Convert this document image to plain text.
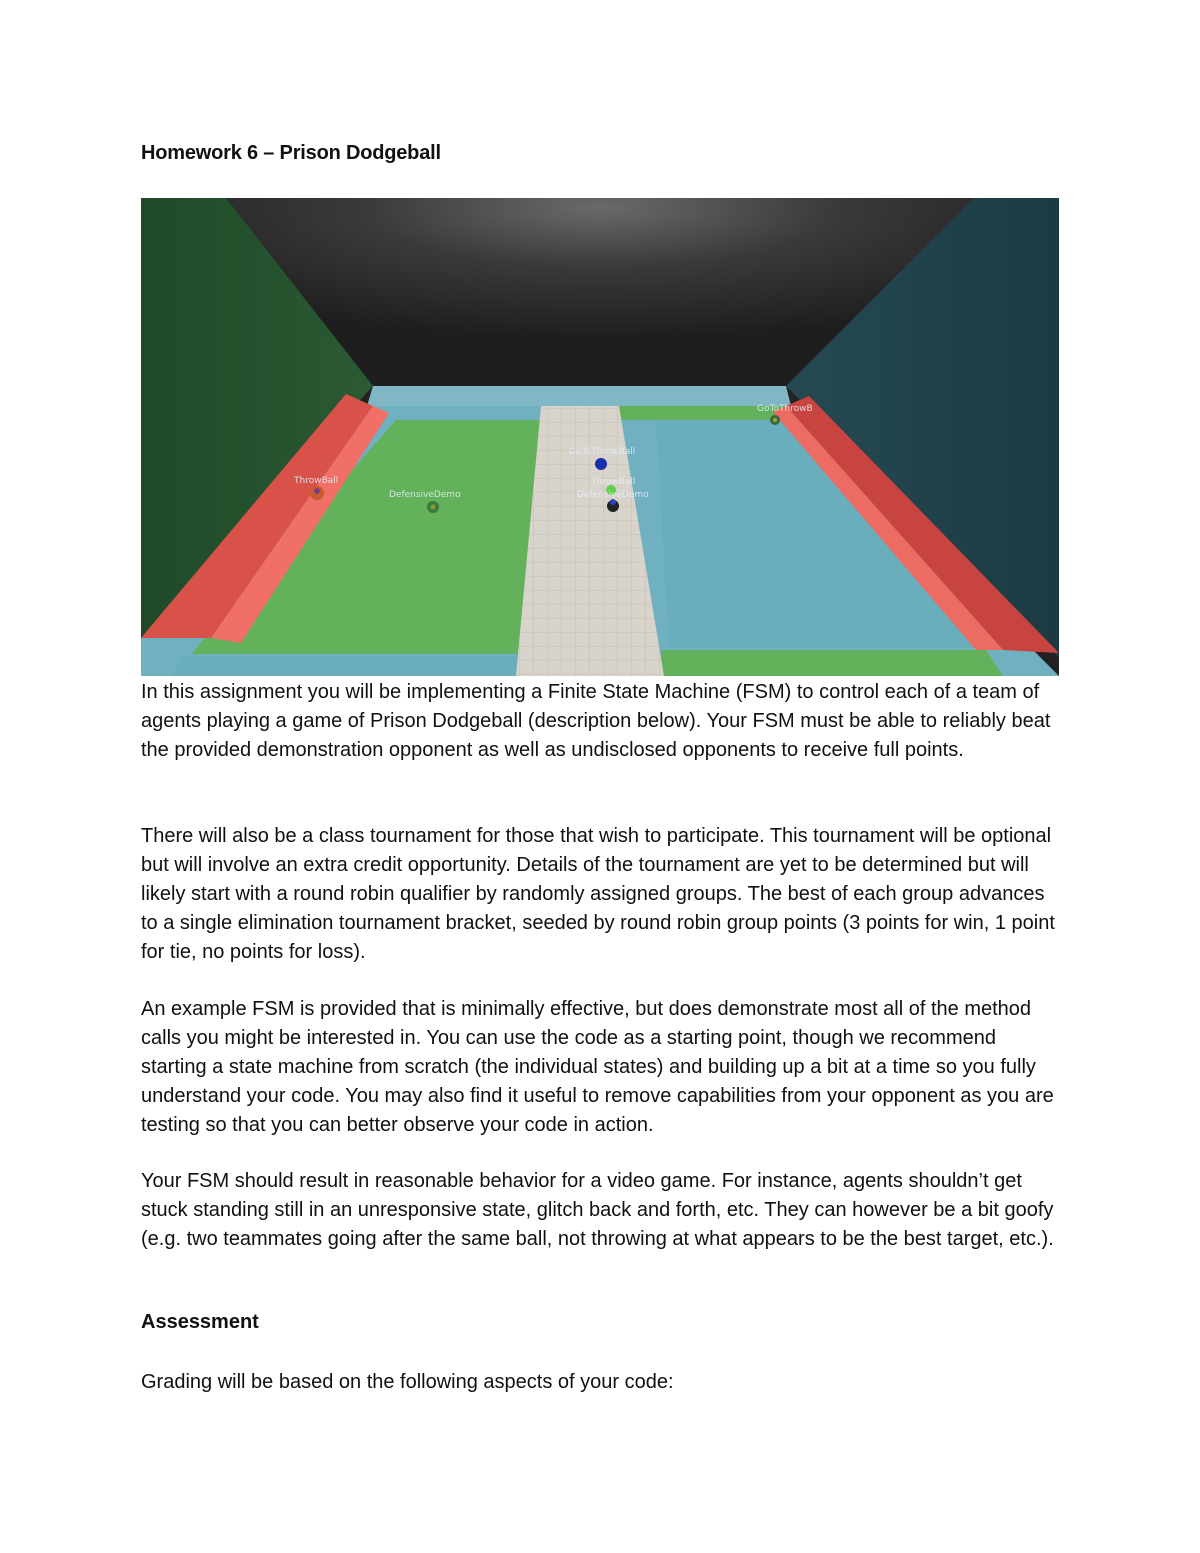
Homework 6 – Prison Dodgeball
ThrowBall
DefensiveDemo
GoToThrowBall
ThrowBall
DefensiveDemo
GoToThrowB

In this assignment you will be implementing a Finite State Machine (FSM) to control each of a team of agents playing a game of Prison Dodgeball (description below). Your FSM must be able to reliably beat the provided demonstration opponent as well as undisclosed opponents to receive full points.

There will also be a class tournament for those that wish to participate. This tournament will be optional but will involve an extra credit opportunity. Details of the tournament are yet to be determined but will likely start with a round robin qualifier by randomly assigned groups. The best of each group advances to a single elimination tournament bracket, seeded by round robin group points (3 points for win, 1 point for tie, no points for loss).

An example FSM is provided that is minimally effective, but does demonstrate most all of the method calls you might be interested in. You can use the code as a starting point, though we recommend starting a state machine from scratch (the individual states) and building up a bit at a time so you fully understand your code. You may also find it useful to remove capabilities from your opponent as you are testing so that you can better observe your code in action.

Your FSM should result in reasonable behavior for a video game. For instance, agents shouldn’t get stuck standing still in an unresponsive state, glitch back and forth, etc. They can however be a bit goofy (e.g. two teammates going after the same ball, not throwing at what appears to be the best target, etc.).

Assessment

Grading will be based on the following aspects of your code:
